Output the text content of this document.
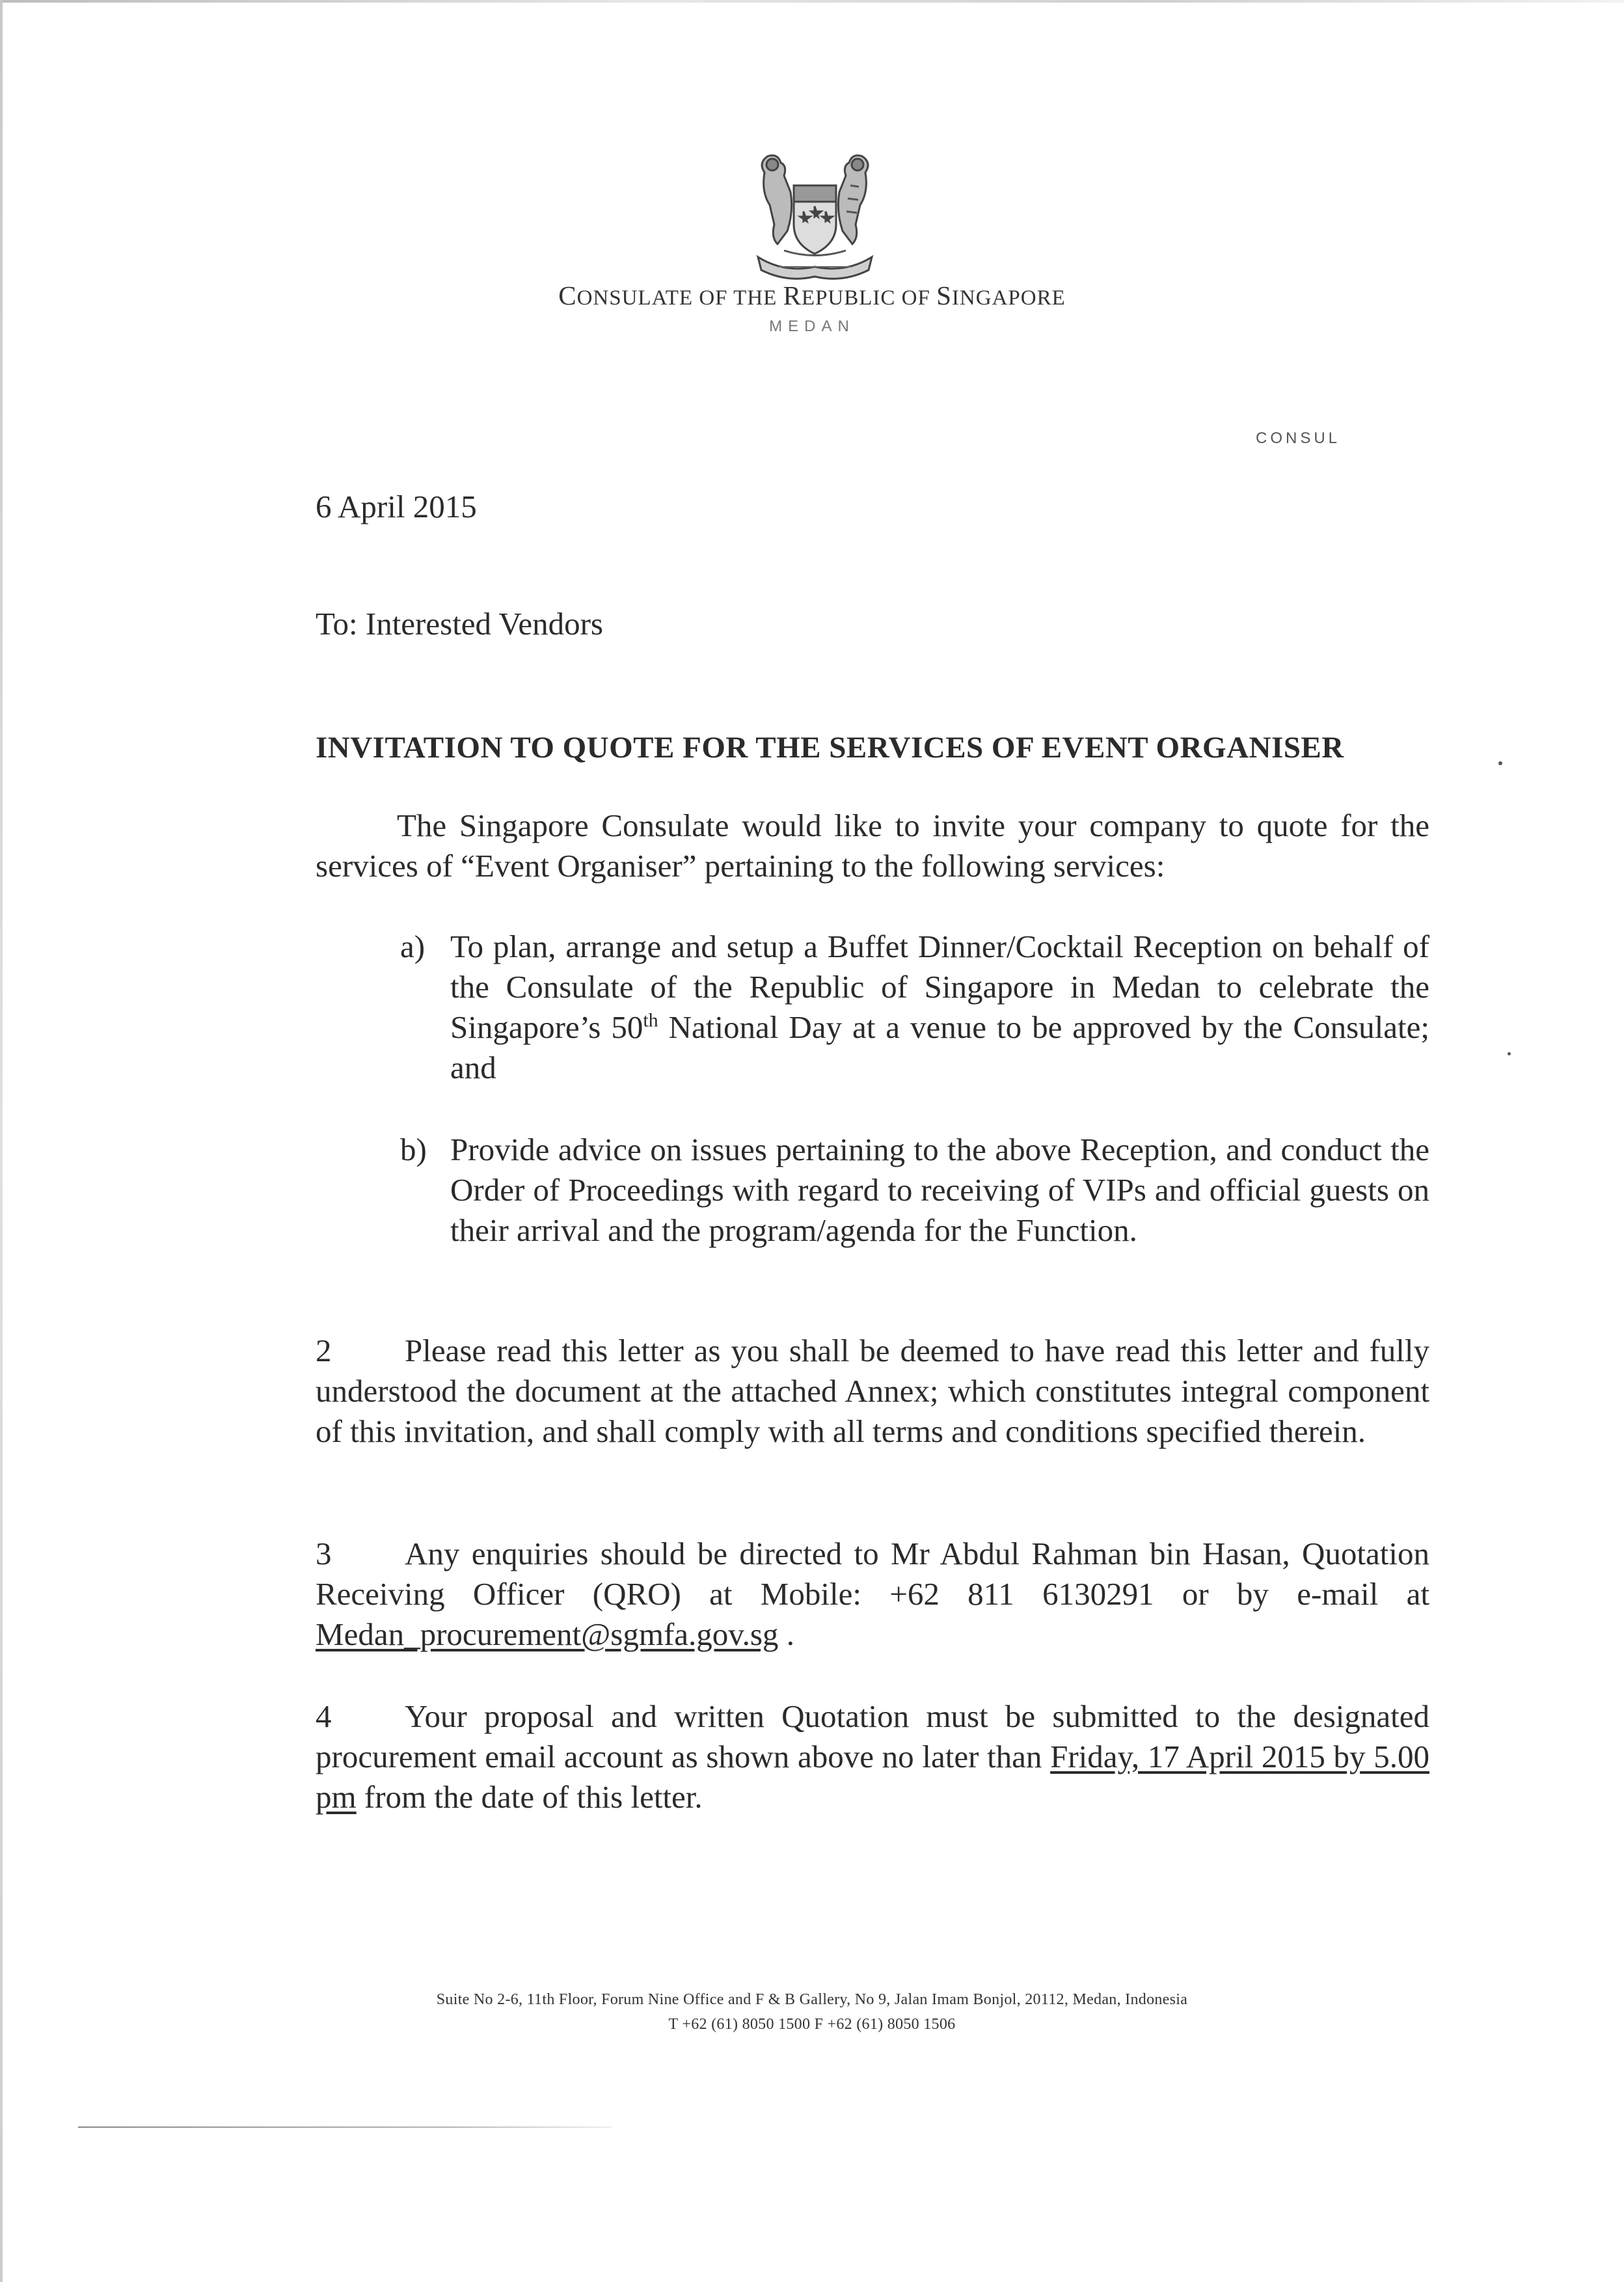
CONSULATE OF THE REPUBLIC OF SINGAPORE
MEDAN
CONSUL
6 April 2015
To: Interested Vendors
INVITATION TO QUOTE FOR THE SERVICES OF EVENT ORGANISER
The Singapore Consulate would like to invite your company to quote for the services of “Event Organiser” pertaining to the following services:
a) To plan, arrange and setup a Buffet Dinner/Cocktail Reception on behalf of the Consulate of the Republic of Singapore in Medan to celebrate the Singapore’s 50th National Day at a venue to be approved by the Consulate; and
b) Provide advice on issues pertaining to the above Reception, and conduct the Order of Proceedings with regard to receiving of VIPs and official guests on their arrival and the program/agenda for the Function.
2 Please read this letter as you shall be deemed to have read this letter and fully understood the document at the attached Annex; which constitutes integral component of this invitation, and shall comply with all terms and conditions specified therein.
3 Any enquiries should be directed to Mr Abdul Rahman bin Hasan, Quotation Receiving Officer (QRO) at Mobile: +62 811 6130291 or by e-mail at Medan_procurement@sgmfa.gov.sg .
4 Your proposal and written Quotation must be submitted to the designated procurement email account as shown above no later than Friday, 17 April 2015 by 5.00 pm from the date of this letter.
Suite No 2-6, 11th Floor, Forum Nine Office and F & B Gallery, No 9, Jalan Imam Bonjol, 20112, Medan, Indonesia
T +62 (61) 8050 1500 F +62 (61) 8050 1506
